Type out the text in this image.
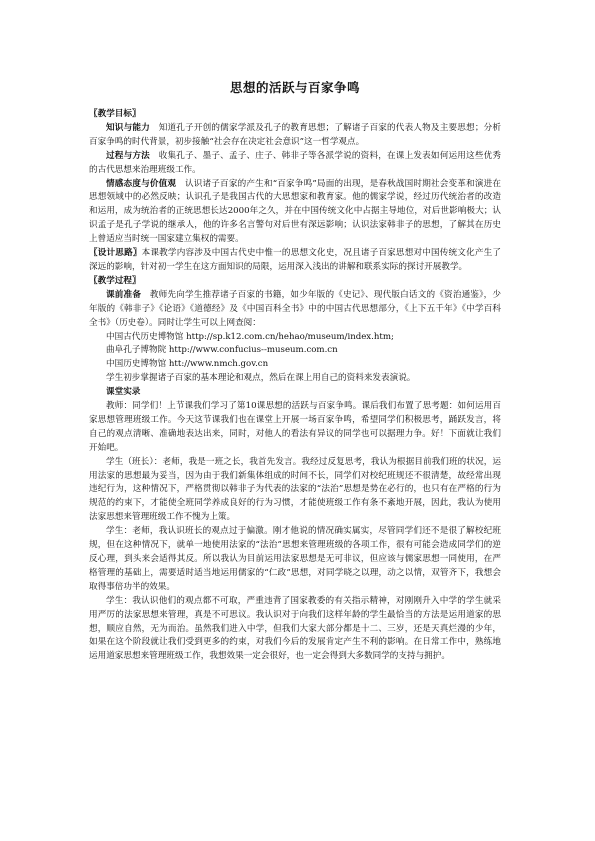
思想的活跃与百家争鸣

〖教学目标〗

知识与能力  知道孔子开创的儒家学派及孔子的教育思想；了解诸子百家的代表人物及主要思想；分析百家争鸣的时代背景，初步接触“社会存在决定社会意识”这一哲学观点。

过程与方法  收集孔子、墨子、孟子、庄子、韩非子等各派学说的资料，在课上发表如何运用这些优秀的古代思想来治理班级工作。

情感态度与价值观  认识诸子百家的产生和“百家争鸣”局面的出现，是春秋战国时期社会变革和演进在思想领域中的必然反映；认识孔子是我国古代的大思想家和教育家。他的儒家学说，经过历代统治者的改造和运用，成为统治者的正统思想长达2000年之久，并在中国传统文化中占据主导地位，对后世影响极大；认识孟子是孔子学说的继承人，他的许多名言警句对后世有深远影响；认识法家韩非子的思想，了解其在历史上曾适应当时统一国家建立集权的需要。

〖设计思路〗本课教学内容涉及中国古代史中惟一的思想文化史，况且诸子百家思想对中国传统文化产生了深远的影响，针对初一学生在这方面知识的局限，运用深入浅出的讲解和联系实际的探讨开展教学。

〖教学过程〗

课前准备  教师先向学生推荐诸子百家的书籍，如少年版的《史记》、现代版白话文的《资治通鉴》，少年版的《韩非子》《论语》《道德经》及《中国百科全书》中的中国古代思想部分，《上下五千年》《中学百科全书》（历史卷）。同时让学生可以上网查阅：

中国古代历史博物馆 http://sp.k12.com.cn/hehao/museum/index.htm;

曲阜孔子博物院 http://www.confucius--museum.com.cn

中国历史博物馆 htt://www.nmch.gov.cn

学生初步掌握诸子百家的基本理论和观点，然后在课上用自己的资料来发表演说。

课堂实录

教师：同学们！上节课我们学习了第10课思想的活跃与百家争鸣。课后我们布置了思考题：如何运用百家思想管理班级工作。今天这节课我们也在课堂上开展一场百家争鸣，希望同学们积极思考，踊跃发言，将自己的观点清晰、准确地表达出来，同时，对他人的看法有异议的同学也可以据理力争。好！下面就让我们开始吧。

学生（班长）：老师，我是一班之长，我首先发言。我经过反复思考，我认为根据目前我们班的状况，运用法家的思想最为妥当，因为由于我们新集体组成的时间不长，同学们对校纪班规还不很清楚，故经常出现违纪行为，这种情况下，严格贯彻以韩非子为代表的法家的“法治”思想是势在必行的，也只有在严格的行为规范的约束下，才能使全班同学养成良好的行为习惯，才能使班级工作有条不紊地开展，因此，我认为使用法家思想来管理班级工作不愧为上策。

学生：老师，我认识班长的观点过于偏激。刚才他说的情况确实属实，尽管同学们还不是很了解校纪班规，但在这种情况下，就单一地使用法家的“法治”思想来管理班级的各项工作，很有可能会造成同学们的逆反心理，到头来会适得其反。所以我认为目前运用法家思想是无可非议，但应该与儒家思想一同使用，在严格管理的基础上，需要适时适当地运用儒家的“仁政”思想，对同学晓之以理，动之以情，双管齐下，我想会取得事倍功半的效果。

学生：我认识他们的观点都不可取，严重违背了国家教委的有关指示精神，对刚刚升入中学的学生就采用严厉的法家思想来管理，真是不可思议。我认识对于向我们这样年龄的学生最恰当的方法是运用道家的思想，顺应自然，无为而治。虽然我们进入中学，但我们大家大部分都是十二、三岁，还是天真烂漫的少年，如果在这个阶段就让我们受到更多的约束，对我们今后的发展肯定产生不利的影响。在日常工作中，熟练地运用道家思想来管理班级工作，我想效果一定会很好，也一定会得到大多数同学的支持与拥护。
